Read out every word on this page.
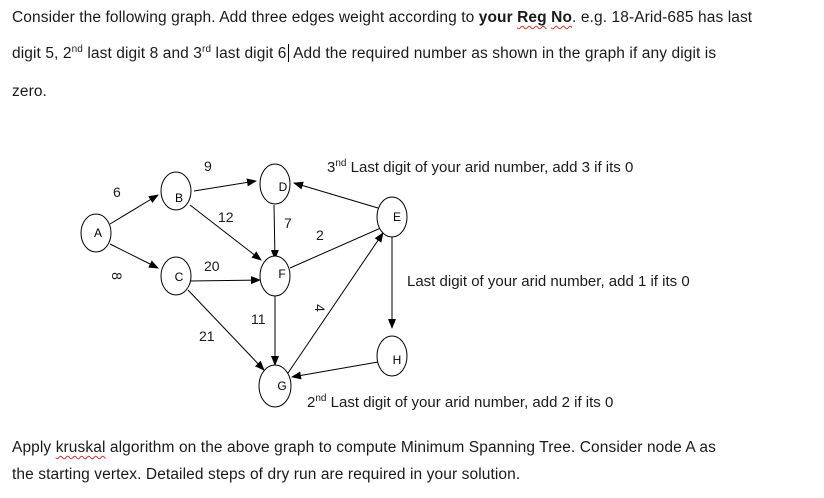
Consider the following graph. Add three edges weight according to your Reg No. e.g. 18-Arid-685 has last
digit 5, 2nd last digit 8 and 3rd last digit 6 Add the required number as shown in the graph if any digit is
zero.
A
B
C
D
E
F
G
H
6
8
9
12
20
21
7
2
11
4
3nd Last digit of your arid number, add 3 if its 0
Last digit of your arid number, add 1 if its 0
2nd Last digit of your arid number, add 2 if its 0
Apply kruskal algorithm on the above graph to compute Minimum Spanning Tree. Consider node A as
the starting vertex. Detailed steps of dry run are required in your solution.
